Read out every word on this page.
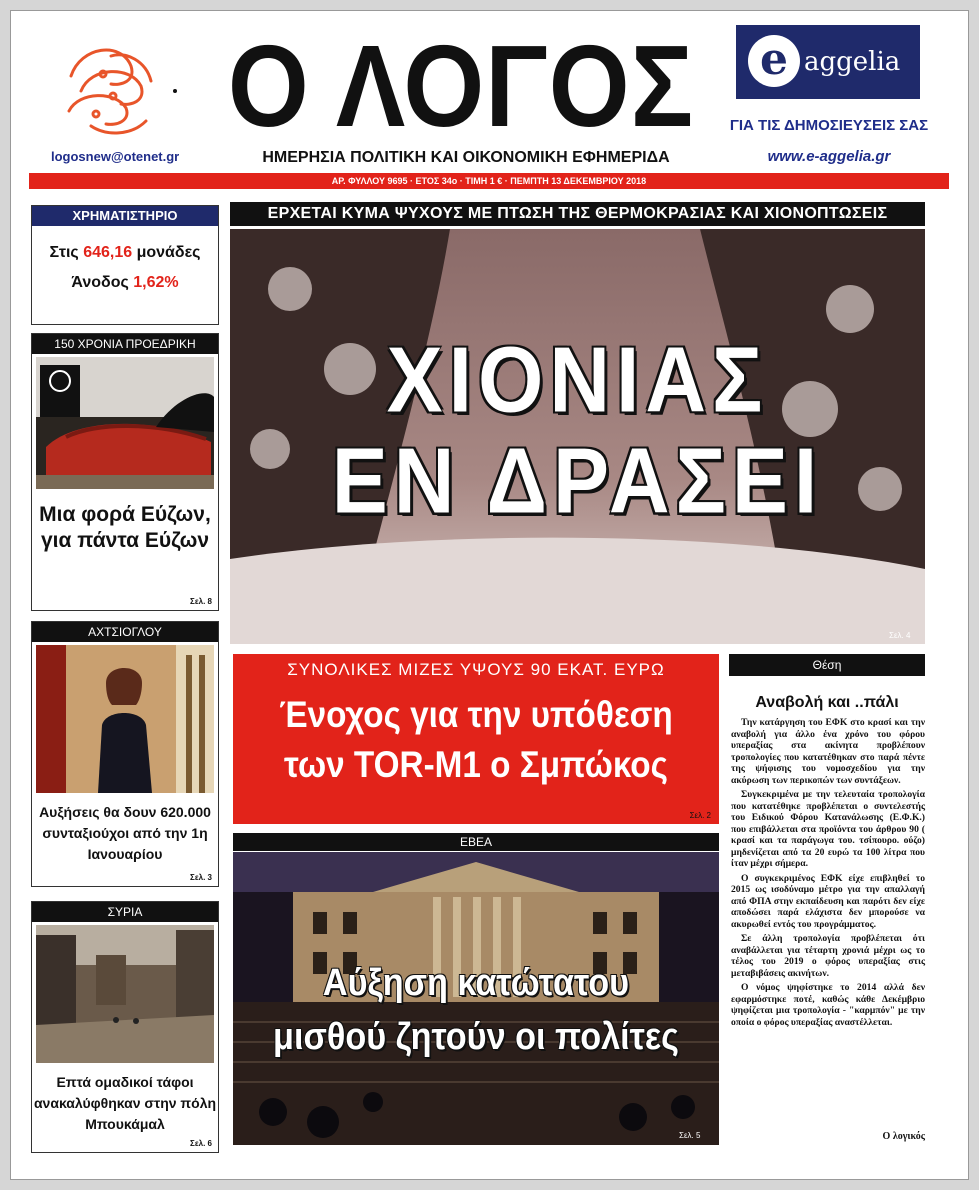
logosnew@otenet.gr
Ο ΛΟΓΟΣ
ΗΜΕΡΗΣΙΑ ΠΟΛΙΤΙΚΗ ΚΑΙ ΟΙΚΟΝΟΜΙΚΗ ΕΦΗΜΕΡΙΔΑ
e aggelia
ΓΙΑ ΤΙΣ ΔΗΜΟΣΙΕΥΣΕΙΣ ΣΑΣ
www.e-aggelia.gr
ΑΡ. ΦΥΛΛΟΥ 9695 · ΕΤΟΣ 34ο · ΤΙΜΗ 1 € · ΠΕΜΠΤΗ 13 ΔΕΚΕΜΒΡΙΟΥ 2018
ΧΡΗΜΑΤΙΣΤΗΡΙΟ
Στις 646,16 μονάδες
Άνοδος 1,62%
150 ΧΡΟΝΙΑ ΠΡΟΕΔΡΙΚΗ
Μια φορά Εύζων, για πάντα Εύζων
Σελ. 8
ΑΧΤΣΙΟΓΛΟΥ
Αυξήσεις θα δουν 620.000 συνταξιούχοι από την 1η Ιανουαρίου
Σελ. 3
ΣΥΡΙΑ
Επτά ομαδικοί τάφοι ανακαλύφθηκαν στην πόλη Μπουκάμαλ
Σελ. 6
ΕΡΧΕΤΑΙ ΚΥΜΑ ΨΥΧΟΥΣ ΜΕ ΠΤΩΣΗ ΤΗΣ ΘΕΡΜΟΚΡΑΣΙΑΣ ΚΑΙ ΧΙΟΝΟΠΤΩΣΕΙΣ
ΧΙΟΝΙΑΣ
ΕΝ ΔΡΑΣΕΙ
Σελ. 4
ΣΥΝΟΛΙΚΕΣ ΜΙΖΕΣ ΥΨΟΥΣ 90 ΕΚΑΤ. ΕΥΡΩ
Ένοχος για την υπόθεση
των TOR-M1 ο Σμπώκος
Σελ. 2
ΕΒΕΑ
Αύξηση κατώτατου
μισθού ζητούν οι πολίτες
Σελ. 5
Θέση
Αναβολή και ..πάλι

Την κατάργηση του ΕΦΚ στο κρασί και την αναβολή για άλλο ένα χρόνο του φόρου υπεραξίας στα ακίνητα προβλέπουν τροπολογίες που κατατέθηκαν στο παρά πέντε της ψήφισης του νομοσχεδίου για την ακύρωση των περικοπών των συντάξεων.

Συγκεκριμένα με την τελευταία τροπολογία που κατατέθηκε προβλέπεται ο συντελεστής του Ειδικού Φόρου Κατανάλωσης (Ε.Φ.Κ.) που επιβάλλεται στα προϊόντα του άρθρου 90 ( κρασί και τα παράγωγα του. τσίπουρο. ούζο) μηδενίζεται από τα 20 ευρώ τα 100 λίτρα που ίταν μέχρι σήμερα.

Ο συγκεκριμένος ΕΦΚ είχε επιβληθεί το 2015 ως ισοδύναμο μέτρο για την απαλλαγή από ΦΠΑ στην εκπαίδευση και παρότι δεν είχε αποδώσει παρά ελάχιστα δεν μπορούσε να ακυρωθεί εντός του προγράμματος.

Σε άλλη τροπολογία προβλέπεται ότι αναβάλλεται για τέταρτη χρονιά μέχρι ως το τέλος του 2019 ο φόρος υπεραξίας στις μεταβιβάσεις ακινήτων.

Ο νόμος ψηφίστηκε το 2014 αλλά δεν εφαρμόστηκε ποτέ, καθώς κάθε Δεκέμβριο ψηφίζεται μια τροπολογία - "καρμπόν" με την οποία ο φόρος υπεραξίας αναστέλλεται.

Ο λογικός
